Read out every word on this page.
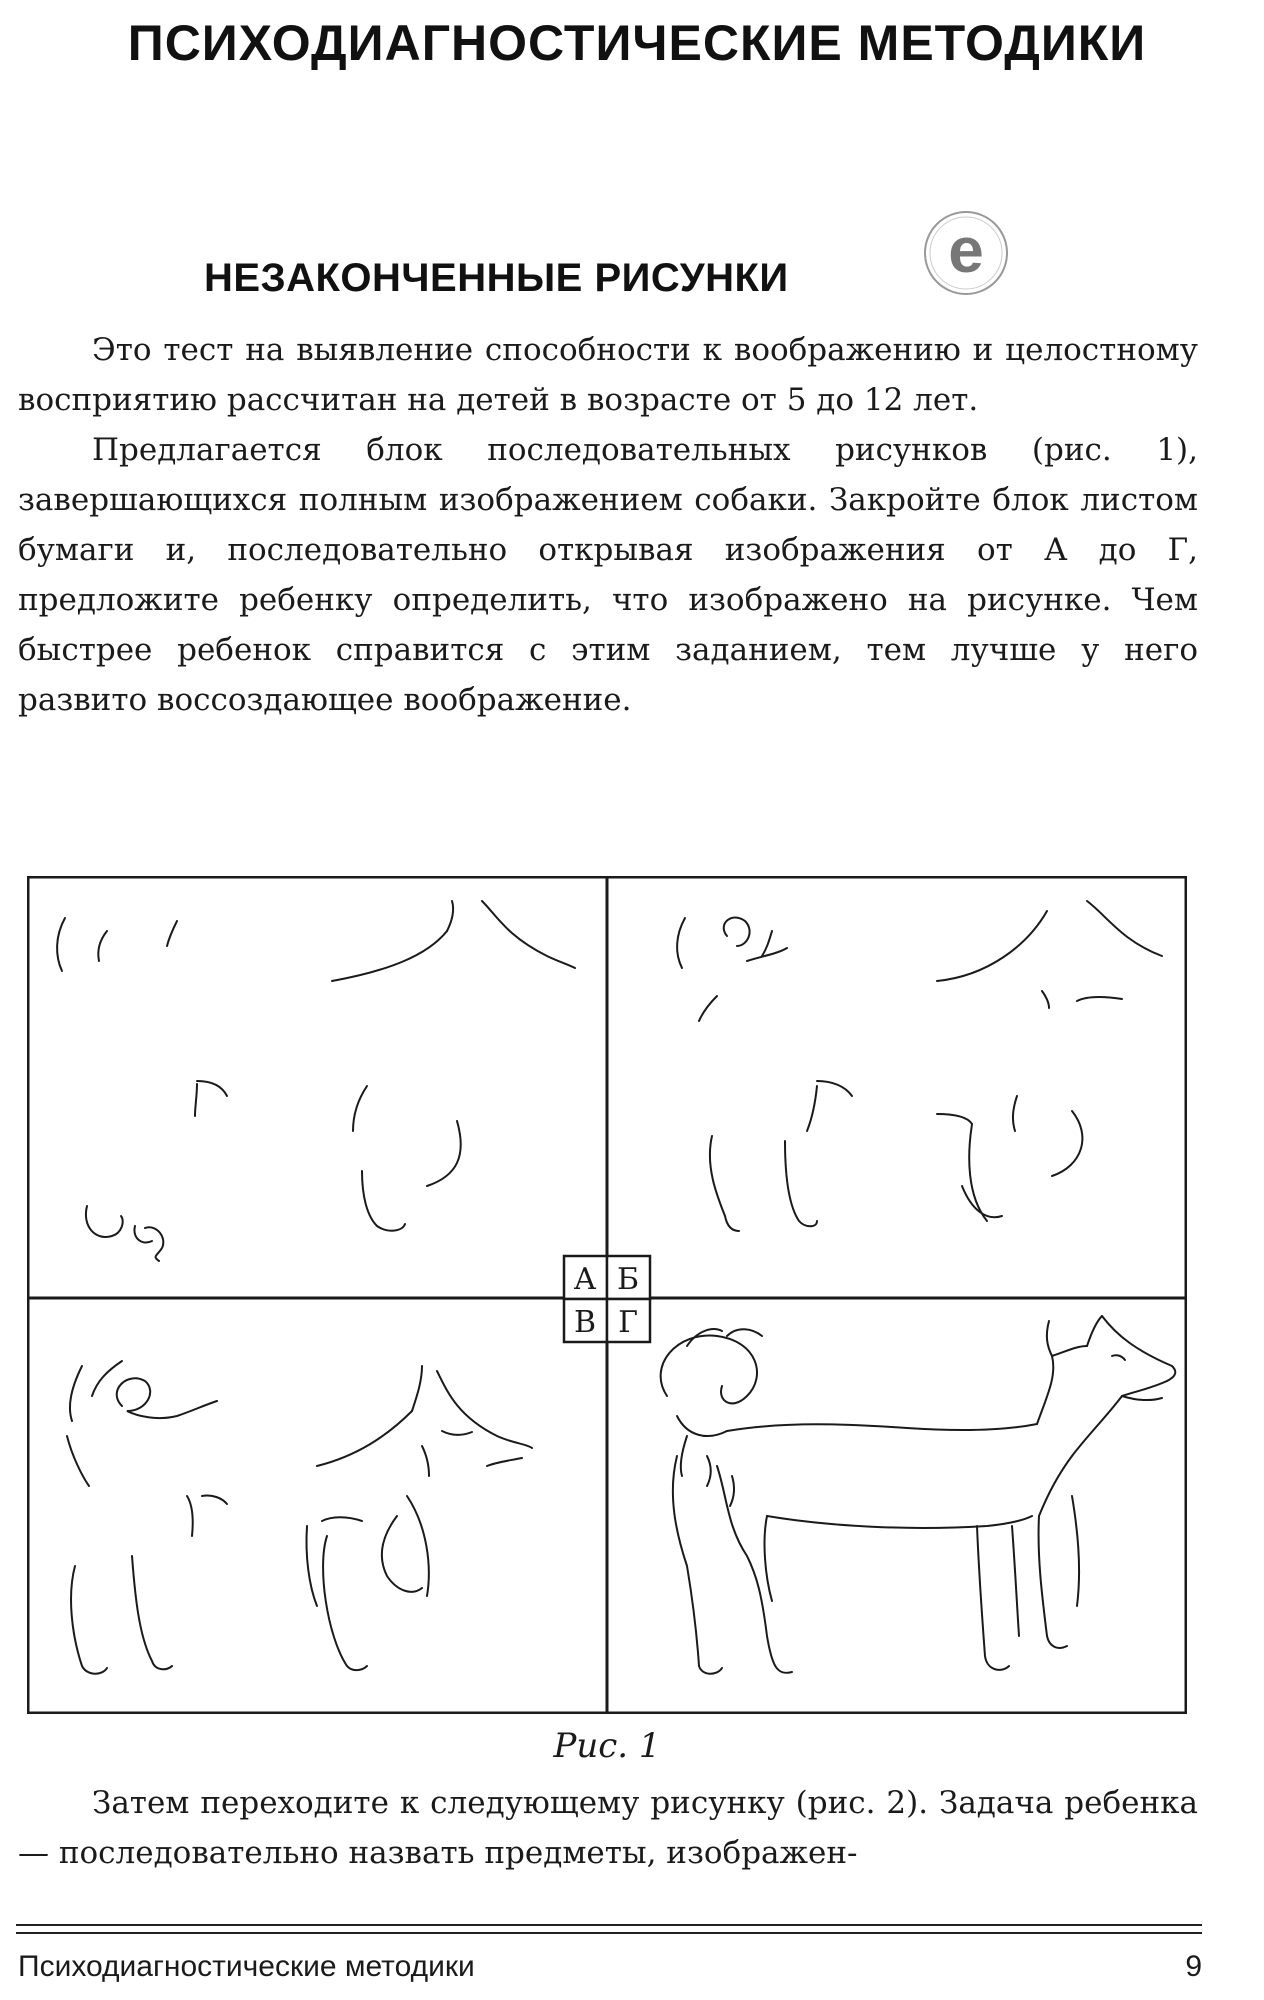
ПСИХОДИАГНОСТИЧЕСКИЕ МЕТОДИКИ
НЕЗАКОНЧЕННЫЕ РИСУНКИ e

Это тест на выявление способности к воображению и целостному восприятию рассчитан на детей в возрасте от 5 до 12 лет.

Предлагается блок последовательных рисунков (рис. 1), завершающихся полным изображением собаки. Закройте блок листом бумаги и, последовательно открывая изображения от А до Г, предложите ребенку определить, что изображено на рисунке. Чем быстрее ребенок справится с этим заданием, тем лучше у него развито воссоздающее воображение.

А Б
В Г
Рис. 1

Затем переходите к следующему рисунку (рис. 2). Задача ребенка — последовательно назвать предметы, изображен-

Психодиагностические методики	9
